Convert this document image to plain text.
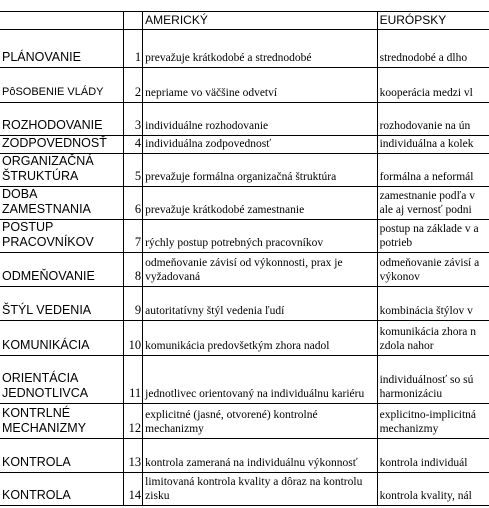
		AMERICKÝ	EURÓPSKY
PLÁNOVANIE	1	prevažuje krátkodobé a strednodobé	strednodobé a dlho
PôSOBENIE VLÁDY	2	nepriame vo väčšine odvetví	kooperácia medzi vl
ROZHODOVANIE	3	individuálne rozhodovanie	rozhodovanie na ún
ZODPOVEDNOSŤ	4	individuálna zodpovednosť	individuálna a kolek
ORGANIZAČNÁ ŠTRUKTÚRA	5	prevažuje formálna organizačná štruktúra	formálna a neformál
DOBA ZAMESTNANIA	6	prevažuje krátkodobé zamestnanie	zamestnanie podľa v ale aj vernosť podni
POSTUP PRACOVNÍKOV	7	rýchly postup potrebných pracovníkov	postup na základe v a potrieb
ODMEŇOVANIE	8	odmeňovanie závisí od výkonnosti, prax je vyžadovaná	odmeňovanie závisí a výkonov
ŠTÝL VEDENIA	9	autoritatívny štýl vedenia ľudí	kombinácia štýlov v
KOMUNIKÁCIA	10	komunikácia predovšetkým zhora nadol	komunikácia zhora n zdola nahor
ORIENTÁCIA JEDNOTLIVCA	11	jednotlivec orientovaný na individuálnu kariéru	individuálnosť so sú harmonizáciu
KONTRLNÉ MECHANIZMY	12	explicitné (jasné, otvorené) kontrolné mechanizmy	explicitno-implicitná mechanizmy
KONTROLA	13	kontrola zameraná na individuálnu výkonnosť	kontrola individuál
KONTROLA	14	limitovaná kontrola kvality a dôraz na kontrolu zisku	kontrola kvality, nál
